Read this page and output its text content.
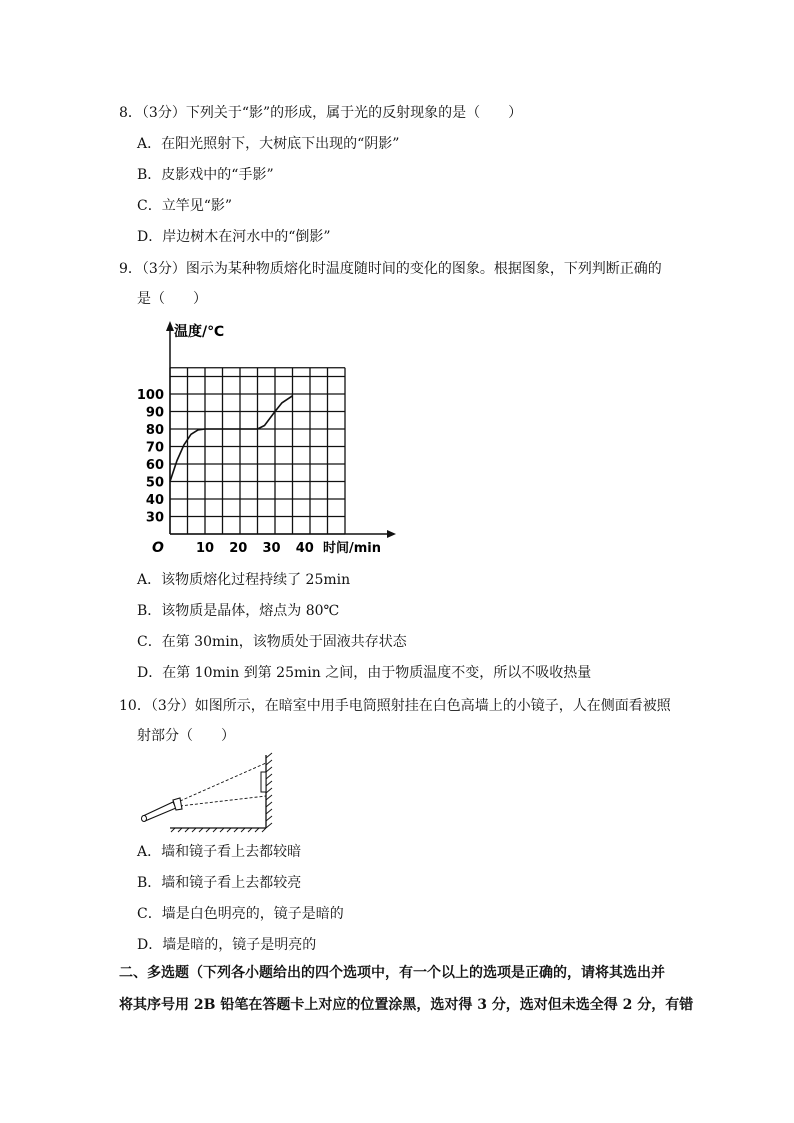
8．（3分）下列关于“影”的形成，属于光的反射现象的是（　　）
A．在阳光照射下，大树底下出现的“阴影”
B．皮影戏中的“手影”
C．立竿见“影”
D．岸边树木在河水中的“倒影”
9．（3分）图示为某种物质熔化时温度随时间的变化的图象。根据图象，下列判断正确的
是（　　）
100
90
80
70
60
50
40
30
10 20 30 40
O
温度/℃
时间/min
A．该物质熔化过程持续了 25min
B．该物质是晶体，熔点为 80℃
C．在第 30min，该物质处于固液共存状态
D．在第 10min 到第 25min 之间，由于物质温度不变，所以不吸收热量
10．（3分）如图所示，在暗室中用手电筒照射挂在白色高墙上的小镜子，人在侧面看被照
射部分（　　）
A．墙和镜子看上去都较暗
B．墙和镜子看上去都较亮
C．墙是白色明亮的，镜子是暗的
D．墙是暗的，镜子是明亮的
二、多选题（下列各小题给出的四个选项中，有一个以上的选项是正确的，请将其选出并
将其序号用 2B 铅笔在答题卡上对应的位置涂黑，选对得 3 分，选对但未选全得 2 分，有错
